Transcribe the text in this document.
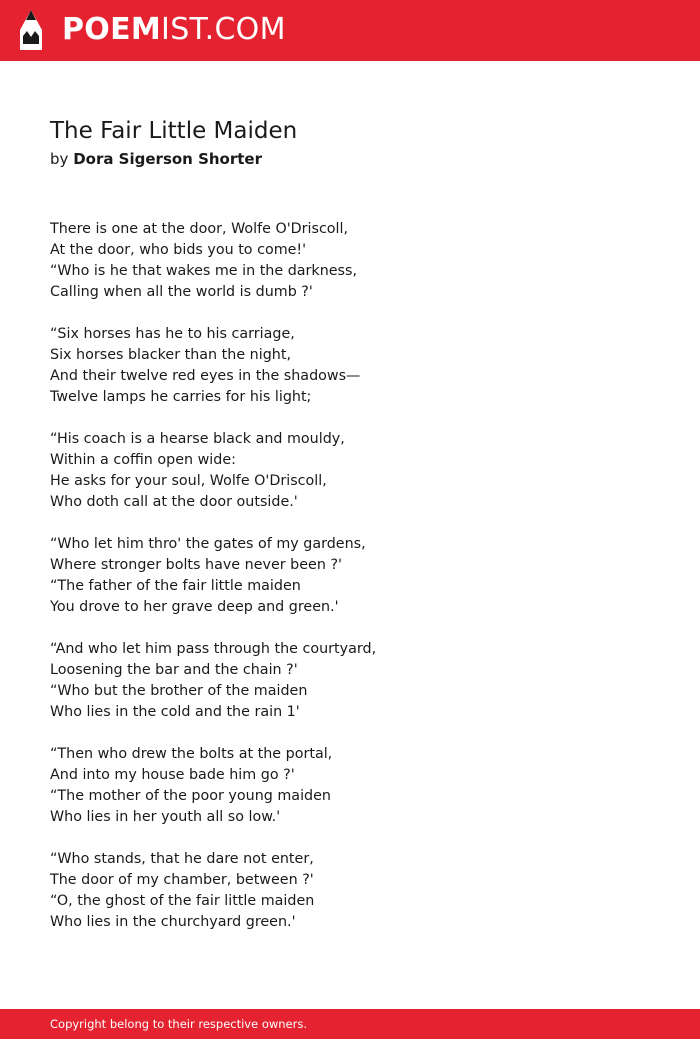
POEMIST.COM
The Fair Little Maiden
by Dora Sigerson Shorter
There is one at the door, Wolfe O'Driscoll,
At the door, who bids you to come!'
“Who is he that wakes me in the darkness,
Calling when all the world is dumb ?'
“Six horses has he to his carriage,
Six horses blacker than the night,
And their twelve red eyes in the shadows—
Twelve lamps he carries for his light;
“His coach is a hearse black and mouldy,
Within a coffin open wide:
He asks for your soul, Wolfe O'Driscoll,
Who doth call at the door outside.'
“Who let him thro' the gates of my gardens,
Where stronger bolts have never been ?'
“The father of the fair little maiden
You drove to her grave deep and green.'
“And who let him pass through the courtyard,
Loosening the bar and the chain ?'
“Who but the brother of the maiden
Who lies in the cold and the rain 1'
“Then who drew the bolts at the portal,
And into my house bade him go ?'
“The mother of the poor young maiden
Who lies in her youth all so low.'
“Who stands, that he dare not enter,
The door of my chamber, between ?'
“O, the ghost of the fair little maiden
Who lies in the churchyard green.'
Copyright belong to their respective owners.
